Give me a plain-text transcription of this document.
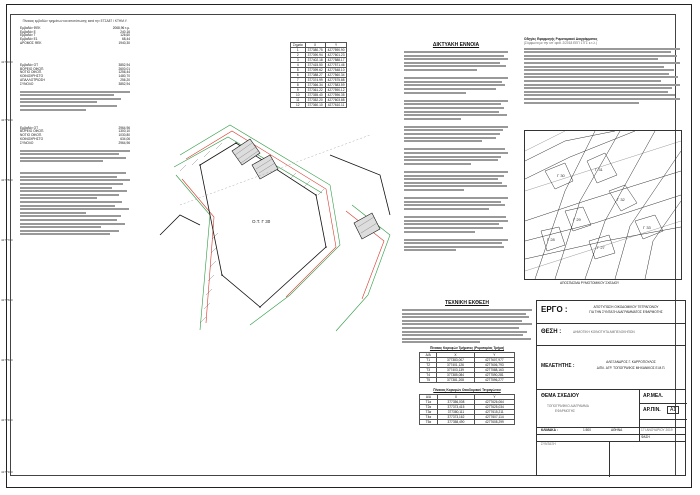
4278000
4277900
4277800
4277700
4277600
4277500
4277400
4277300
Πίνακας εμβαδών τμημάτων και αποτύπωσης κατά την ΕΓΣΑ87 / ΚΤΗΜ.Υ.
Εμβαδόν ΦΕΚ	2068,96 τ.μ.
Εμβαδόν Ε	240,16
Εμβαδόν Τ	126,60
Εμβαδόν Ε1	68,44
ΔΡΟΜΟΣ ΦΕΚ	1940,30
Εμβαδόν ΟΤ	3852,94
ΒΟΡΕΙΟ ΟΙΚΟΠ.	2600,01
ΝΟΤΙΟ ΟΙΚΟΠ.	1256,44
ΚΟΙΝΟΧΡΗΣΤΟ	1480,70
ΑΠΑΛΛΟΤΡΙΩΣΗ	256,20
ΣΥΝΟΛΟ	3852,94
Εμβαδόν ΟΤ	2964,96
ΒΟΡΕΙΟ ΟΙΚΟΠ.	1300,10
ΝΟΤΙΟ ΟΙΚΟΠ.	1030,80
ΚΟΙΝΟΧΡΗΣΤΟ	634,06
ΣΥΝΟΛΟ	2964,96
Σημεία	X	Y
1	377380.75	4277590.90
2	377390.94	4277601.23
3	377402.18	4277588.17
4	377415.50	4277571.46
5	377399.62	4277548.10
6	377388.27	4277560.34
7	377374.99	4277575.88
8	377366.34	4277583.59
9	377361.22	4277590.12
10	377355.40	4277596.35
11	377352.20	4277603.88
12	377360.10	4277610.11
ΔΙΚΤΥΑΚΗ ΕΝΝΟΙΑ
Οδηγίες Εφαρμογής Ρυμοτομικού Διαγράμματος
(Σύμφωνα με την υπ' αριθ. 2/2018 ΕΕΠ 17ΓΣ κ.τ.λ.)
Γ 30
Γ 31
Γ 32
Γ 29
Γ 33
Γ 28
Γ 27
ΑΠΟΣΠΑΣΜΑ ΡΥΜΟΤΟΜΙΚΟΥ ΣΧΕΔΙΟΥ
Ο.Τ. Γ 30
ΤΕΧΝΙΚΗ ΕΚΘΕΣΗ
Πίνακας Κορυφών Τμήματος (Ρυμοτομίας Τμήμα)
Α/Α	Χ	Υ
Τ1	377383,007	4277607,977
Τ2	377401,126	4277606,793
Τ3	377403,139	4277588,163
Τ4	377385,084	4277590,281
Τ5	377381,208	4277596,277
Πίνακας Κορυφών Οικοδομικού Τετραγώνου
Α/Α	Χ	Υ
Τ1α	377356,008	4277626,064
Τ2α	377373,415	4277625,034
Τ3α	377380,111	4277615,211
Τ4α	377373,162	4277607,114
Τ5α	377358,490	4277608,299
ΕΡΓΟ :	ΑΠΟΤΥΠΩΣΗ ΟΙΚΟΔΟΜΙΚΟΥ ΤΕΤΡΑΓΩΝΟΥ
ΓΙΑ ΤΗΝ ΣΥΝΤΑΞΗ ΔΙΑΓΡΑΜΜΑΤΟΣ ΕΦΑΡΜΟΓΗΣ
ΘΕΣΗ :	ΔΗΜΟΤΙΚΗ ΚΟΙΝΟΤΗΤΑ ΑΜΠΕΛΟΚΗΠΩΝ
ΜΕΛΕΤΗΤΗΣ :
ΑΛΕΞΑΝΔΡΟΣ Γ. ΚΑΡΡΟΠΟΥΛΟΣ
ΔΙΠΛ. ΑΓΡ. ΤΟΠΟΓΡΑΦΟΣ ΜΗΧΑΝΙΚΟΣ Ε.Μ.Π.
ΘΕΜΑ ΣΧΕΔΙΟΥ
ΤΟΠΟΓΡΑΦΙΚΟ ΔΙΑΓΡΑΜΜΑ
ΕΦΑΡΜΟΓΗΣ
ΑΡ.ΜΕΛ.
ΑΡ.ΠΙΝ.	Α1
ΚΛΙΜΑΚΑ :	1:500	ΑΘΗΝΑ	17 ΙΑΝΟΥΑΡΙΟΥ 2019
ΦΑΣΗ
ΣΥΝΤΑΞΗ
